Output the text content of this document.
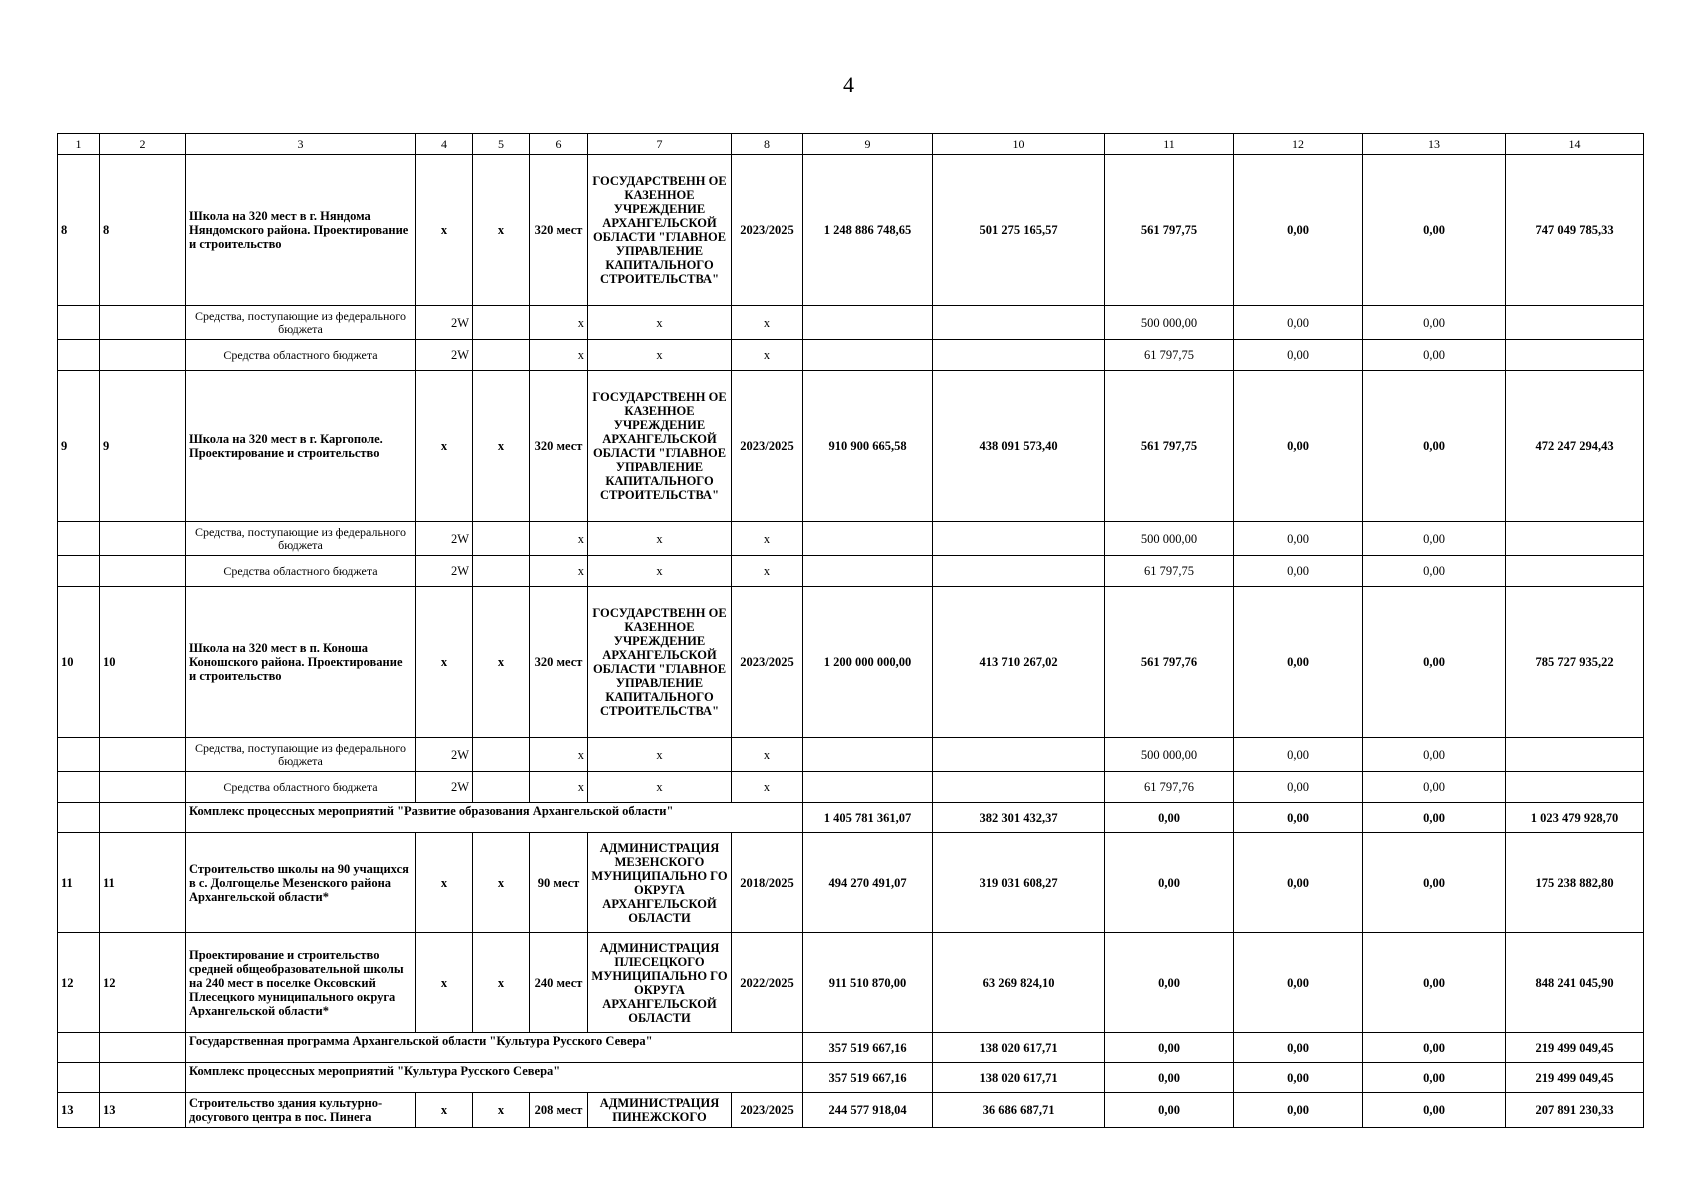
4
1	2	3	4	5	6	7	8	9	10	11	12	13	14
8	8	Школа на 320 мест в г. Няндома Няндомского района. Проектирование и строительство	x	x	320 мест	ГОСУДАРСТВЕНН ОЕ КАЗЕННОЕ УЧРЕЖДЕНИЕ АРХАНГЕЛЬСКОЙ ОБЛАСТИ "ГЛАВНОЕ УПРАВЛЕНИЕ КАПИТАЛЬНОГО СТРОИТЕЛЬСТВА"	2023/2025	1 248 886 748,65	501 275 165,57	561 797,75	0,00	0,00	747 049 785,33
		Средства, поступающие из федерального бюджета	2W		x	x	x			500 000,00	0,00	0,00	
		Средства областного бюджета	2W		x	x	x			61 797,75	0,00	0,00	
9	9	Школа на 320 мест в г. Каргополе. Проектирование и строительство	x	x	320 мест	ГОСУДАРСТВЕНН ОЕ КАЗЕННОЕ УЧРЕЖДЕНИЕ АРХАНГЕЛЬСКОЙ ОБЛАСТИ "ГЛАВНОЕ УПРАВЛЕНИЕ КАПИТАЛЬНОГО СТРОИТЕЛЬСТВА"	2023/2025	910 900 665,58	438 091 573,40	561 797,75	0,00	0,00	472 247 294,43
		Средства, поступающие из федерального бюджета	2W		x	x	x			500 000,00	0,00	0,00	
		Средства областного бюджета	2W		x	x	x			61 797,75	0,00	0,00	
10	10	Школа на 320 мест в п. Коноша Коношского района. Проектирование и строительство	x	x	320 мест	ГОСУДАРСТВЕНН ОЕ КАЗЕННОЕ УЧРЕЖДЕНИЕ АРХАНГЕЛЬСКОЙ ОБЛАСТИ "ГЛАВНОЕ УПРАВЛЕНИЕ КАПИТАЛЬНОГО СТРОИТЕЛЬСТВА"	2023/2025	1 200 000 000,00	413 710 267,02	561 797,76	0,00	0,00	785 727 935,22
		Средства, поступающие из федерального бюджета	2W		x	x	x			500 000,00	0,00	0,00	
		Средства областного бюджета	2W		x	x	x			61 797,76	0,00	0,00	
		Комплекс процессных мероприятий "Развитие образования Архангельской области"						1 405 781 361,07	382 301 432,37	0,00	0,00	0,00	1 023 479 928,70
11	11	Строительство школы на 90 учащихся в с. Долгощелье Мезенского района Архангельской области*	x	x	90 мест	АДМИНИСТРАЦИЯ МЕЗЕНСКОГО МУНИЦИПАЛЬНО ГО ОКРУГА АРХАНГЕЛЬСКОЙ ОБЛАСТИ	2018/2025	494 270 491,07	319 031 608,27	0,00	0,00	0,00	175 238 882,80
12	12	Проектирование и строительство средней общеобразовательной школы на 240 мест в поселке Оксовский Плесецкого муниципального округа Архангельской области*	x	x	240 мест	АДМИНИСТРАЦИЯ ПЛЕСЕЦКОГО МУНИЦИПАЛЬНО ГО ОКРУГА АРХАНГЕЛЬСКОЙ ОБЛАСТИ	2022/2025	911 510 870,00	63 269 824,10	0,00	0,00	0,00	848 241 045,90
		Государственная программа Архангельской области "Культура Русского Севера"						357 519 667,16	138 020 617,71	0,00	0,00	0,00	219 499 049,45
		Комплекс процессных мероприятий "Культура Русского Севера"						357 519 667,16	138 020 617,71	0,00	0,00	0,00	219 499 049,45
13	13	Строительство здания культурно-досугового центра в пос. Пинега	x	x	208 мест	АДМИНИСТРАЦИЯ ПИНЕЖСКОГО	2023/2025	244 577 918,04	36 686 687,71	0,00	0,00	0,00	207 891 230,33
